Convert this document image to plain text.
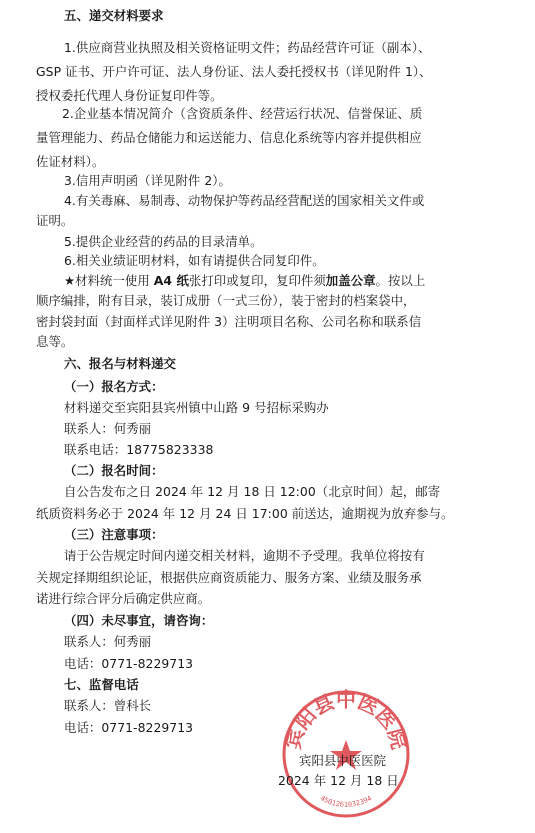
五、递交材料要求
1.供应商营业执照及相关资格证明文件；药品经营许可证（副本）、
GSP 证书、开户许可证、法人身份证、法人委托授权书（详见附件 1）、
授权委托代理人身份证复印件等。
2.企业基本情况简介（含资质条件、经营运行状况、信誉保证、质
量管理能力、药品仓储能力和运送能力、信息化系统等内容并提供相应
佐证材料）。
3.信用声明函（详见附件 2）。
4.有关毒麻、易制毒、动物保护等药品经营配送的国家相关文件或
证明。
5.提供企业经营的药品的目录清单。
6.相关业绩证明材料，如有请提供合同复印件。
★材料统一使用 A4 纸张打印或复印，复印件须加盖公章。按以上
顺序编排，附有目录，装订成册（一式三份），装于密封的档案袋中，
密封袋封面（封面样式详见附件 3）注明项目名称、公司名称和联系信
息等。
六、报名与材料递交
（一）报名方式：
材料递交至宾阳县宾州镇中山路 9 号招标采购办
联系人：何秀丽
联系电话：18775823338
（二）报名时间：
自公告发布之日 2024 年 12 月 18 日 12:00（北京时间）起，邮寄
纸质资料务必于 2024 年 12 月 24 日 17:00 前送达，逾期视为放弃参与。
（三）注意事项：
请于公告规定时间内递交相关材料，逾期不予受理。我单位将按有
关规定择期组织论证，根据供应商资质能力、服务方案、业绩及服务承
诺进行综合评分后确定供应商。
（四）未尽事宜，请咨询：
联系人：何秀丽
电话：0771-8229713
七、监督电话
联系人：曾科长
电话：0771-8229713	宾阳县中医医院
4501261032394
宾阳县中医医院
2024 年 12 月 18 日
